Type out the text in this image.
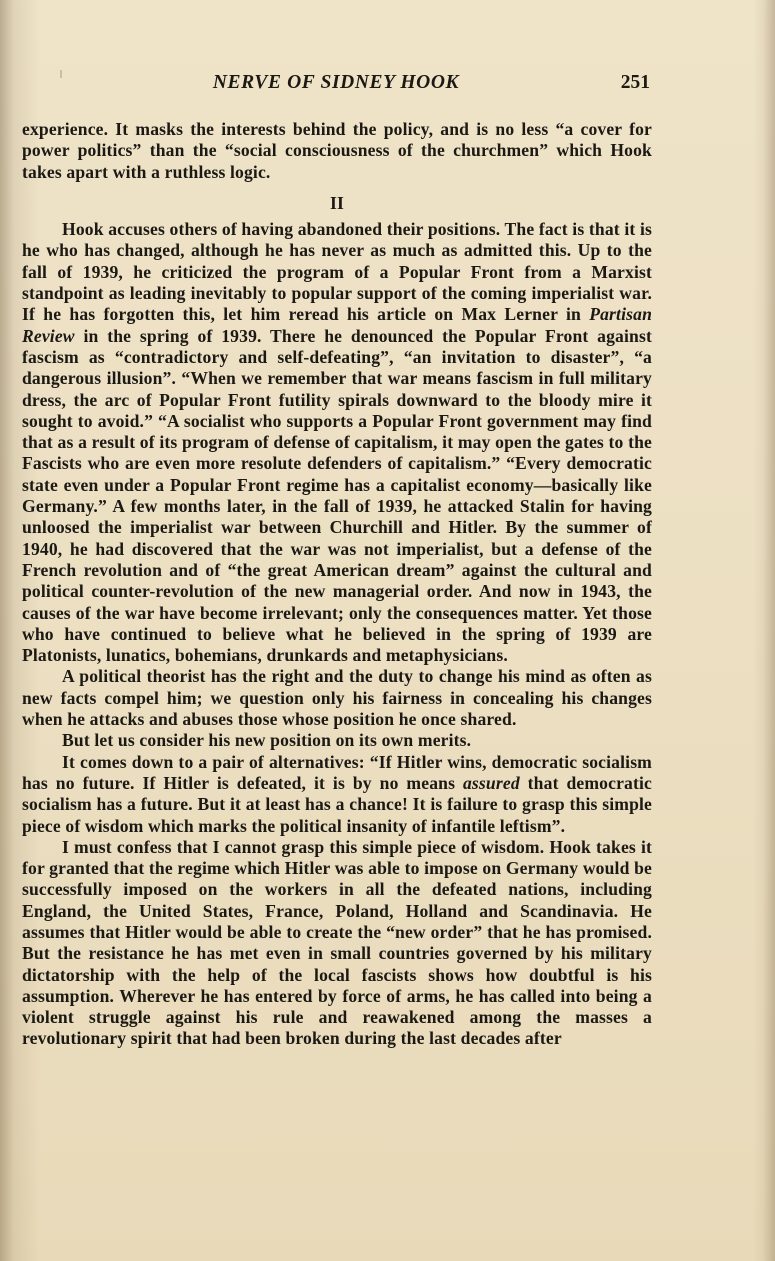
NERVE OF SIDNEY HOOK	251

experience. It masks the interests behind the policy, and is no less “a cover for power politics” than the “social consciousness of the churchmen” which Hook takes apart with a ruthless logic.

II

Hook accuses others of having abandoned their positions. The fact is that it is he who has changed, although he has never as much as admitted this. Up to the fall of 1939, he criticized the program of a Popular Front from a Marxist standpoint as leading inevitably to popular support of the coming imperialist war. If he has forgotten this, let him reread his article on Max Lerner in Partisan Review in the spring of 1939. There he denounced the Popular Front against fascism as “contradictory and self-defeating”, “an invitation to disaster”, “a dangerous illusion”. “When we remember that war means fascism in full military dress, the arc of Popular Front futility spirals downward to the bloody mire it sought to avoid.” “A socialist who supports a Popular Front government may find that as a result of its program of defense of capitalism, it may open the gates to the Fascists who are even more resolute defenders of capitalism.” “Every democratic state even under a Popular Front regime has a capitalist economy—basically like Germany.” A few months later, in the fall of 1939, he attacked Stalin for having unloosed the imperialist war between Churchill and Hitler. By the summer of 1940, he had discovered that the war was not imperialist, but a defense of the French revolution and of “the great American dream” against the cultural and political counter-revolution of the new managerial order. And now in 1943, the causes of the war have become irrelevant; only the consequences matter. Yet those who have continued to believe what he believed in the spring of 1939 are Platonists, lunatics, bohemians, drunkards and metaphysicians.

A political theorist has the right and the duty to change his mind as often as new facts compel him; we question only his fairness in concealing his changes when he attacks and abuses those whose position he once shared.

But let us consider his new position on its own merits.

It comes down to a pair of alternatives: “If Hitler wins, democratic socialism has no future. If Hitler is defeated, it is by no means assured that democratic socialism has a future. But it at least has a chance! It is failure to grasp this simple piece of wisdom which marks the political insanity of infantile leftism”.

I must confess that I cannot grasp this simple piece of wisdom. Hook takes it for granted that the regime which Hitler was able to impose on Germany would be successfully imposed on the workers in all the defeated nations, including England, the United States, France, Poland, Holland and Scandinavia. He assumes that Hitler would be able to create the “new order” that he has promised. But the resistance he has met even in small countries governed by his military dictatorship with the help of the local fascists shows how doubtful is his assumption. Wherever he has entered by force of arms, he has called into being a violent struggle against his rule and reawakened among the masses a revolutionary spirit that had been broken during the last decades after
